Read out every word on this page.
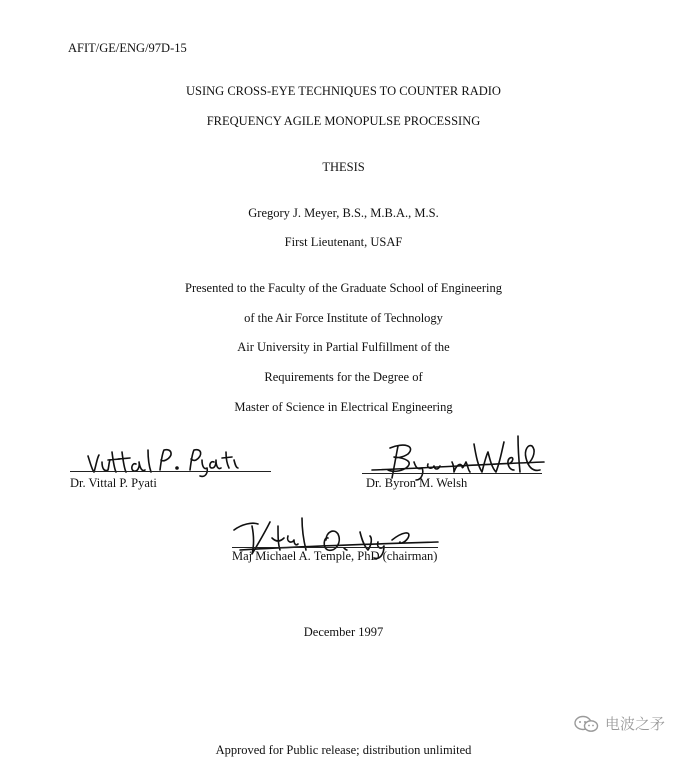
AFIT/GE/ENG/97D-15
USING CROSS-EYE TECHNIQUES TO COUNTER RADIO
FREQUENCY AGILE MONOPULSE PROCESSING
THESIS
Gregory J. Meyer, B.S., M.B.A., M.S.
First Lieutenant, USAF
Presented to the Faculty of the Graduate School of Engineering
of the Air Force Institute of Technology
Air University in Partial Fulfillment of the
Requirements for the Degree of
Master of Science in Electrical Engineering
Dr. Vittal P. Pyati	Dr. Byron M. Welsh
Maj Michael A. Temple, PhD (chairman)
December 1997
Approved for Public release; distribution unlimited
电波之矛
